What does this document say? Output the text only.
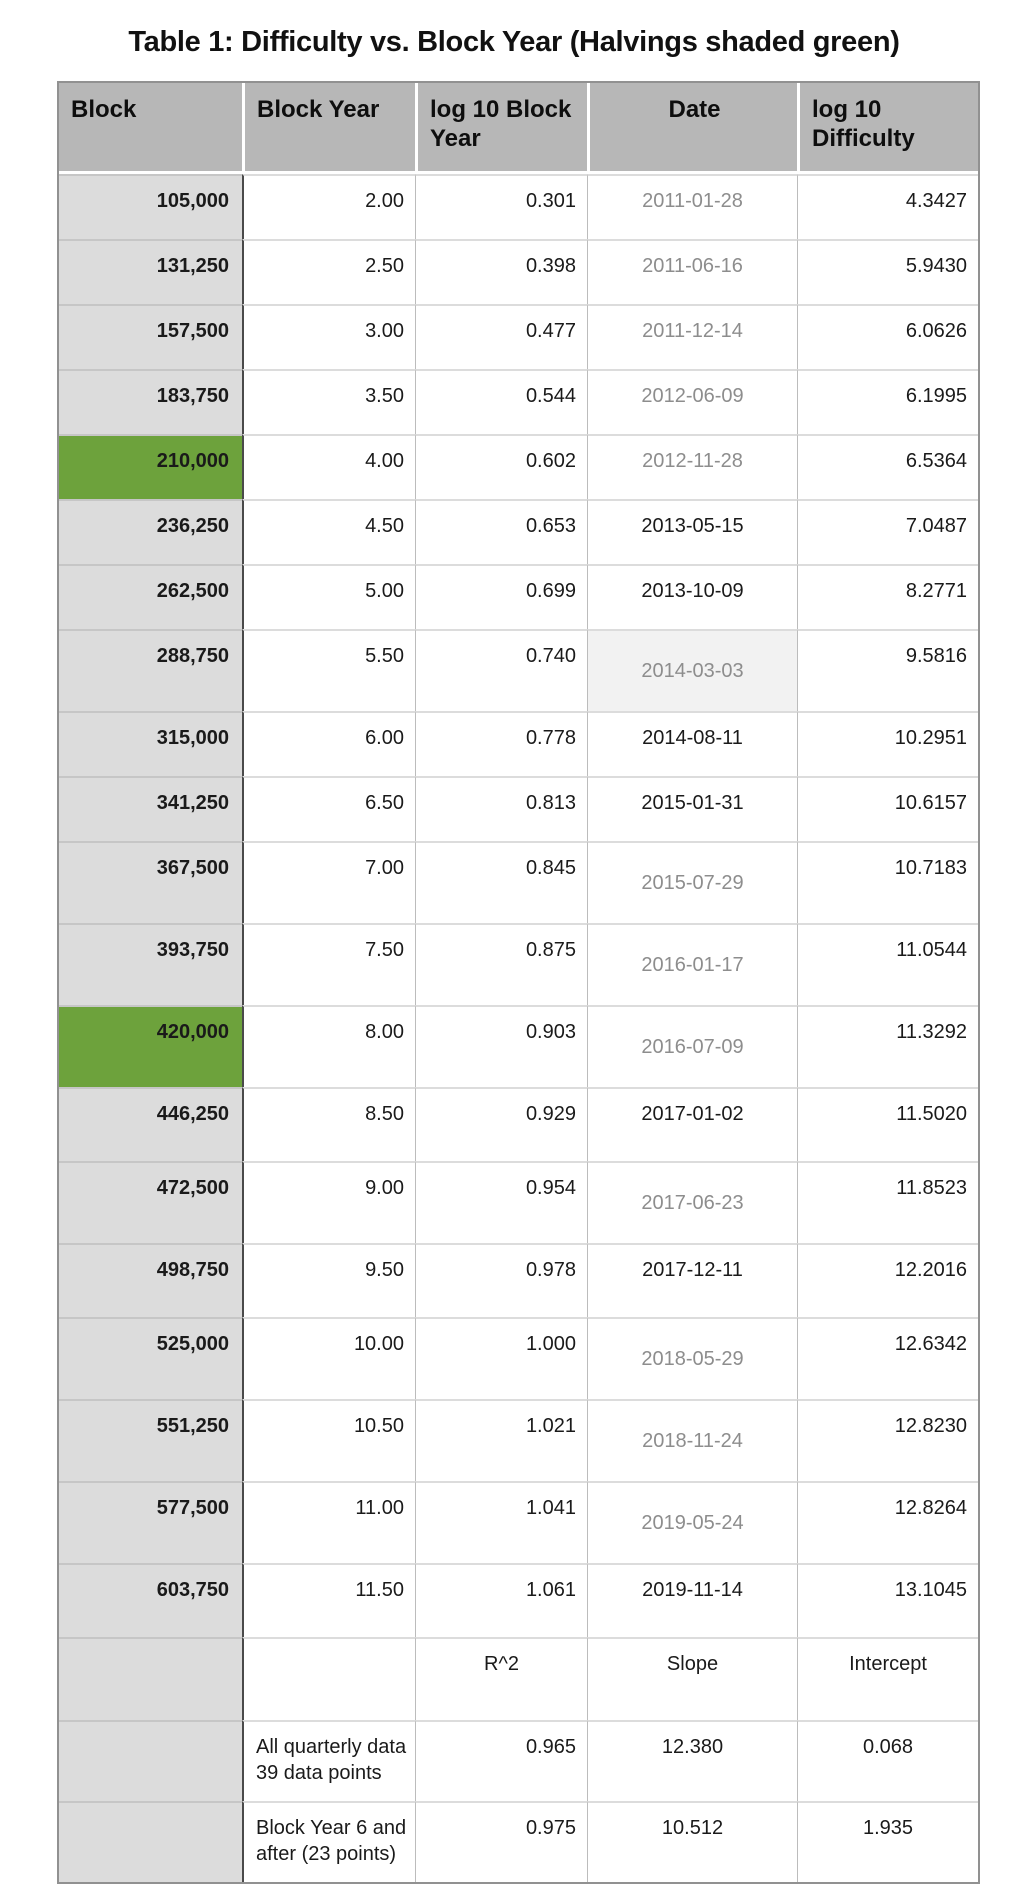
Table 1: Difficulty vs. Block Year (Halvings shaded green)
Block	Block Year	log 10 Block Year	Date	log 10 Difficulty
105,000	2.00	0.301	2011-01-28	4.3427
131,250	2.50	0.398	2011-06-16	5.9430
157,500	3.00	0.477	2011-12-14	6.0626
183,750	3.50	0.544	2012-06-09	6.1995
210,000	4.00	0.602	2012-11-28	6.5364
236,250	4.50	0.653	2013-05-15	7.0487
262,500	5.00	0.699	2013-10-09	8.2771
288,750	5.50	0.740	2014-03-03	9.5816
315,000	6.00	0.778	2014-08-11	10.2951
341,250	6.50	0.813	2015-01-31	10.6157
367,500	7.00	0.845	2015-07-29	10.7183
393,750	7.50	0.875	2016-01-17	11.0544
420,000	8.00	0.903	2016-07-09	11.3292
446,250	8.50	0.929	2017-01-02	11.5020
472,500	9.00	0.954	2017-06-23	11.8523
498,750	9.50	0.978	2017-12-11	12.2016
525,000	10.00	1.000	2018-05-29	12.6342
551,250	10.50	1.021	2018-11-24	12.8230
577,500	11.00	1.041	2019-05-24	12.8264
603,750	11.50	1.061	2019-11-14	13.1045
		R^2	Slope	Intercept
	All quarterly data 39 data points	0.965	12.380	0.068
	Block Year 6 and after (23 points)	0.975	10.512	1.935
